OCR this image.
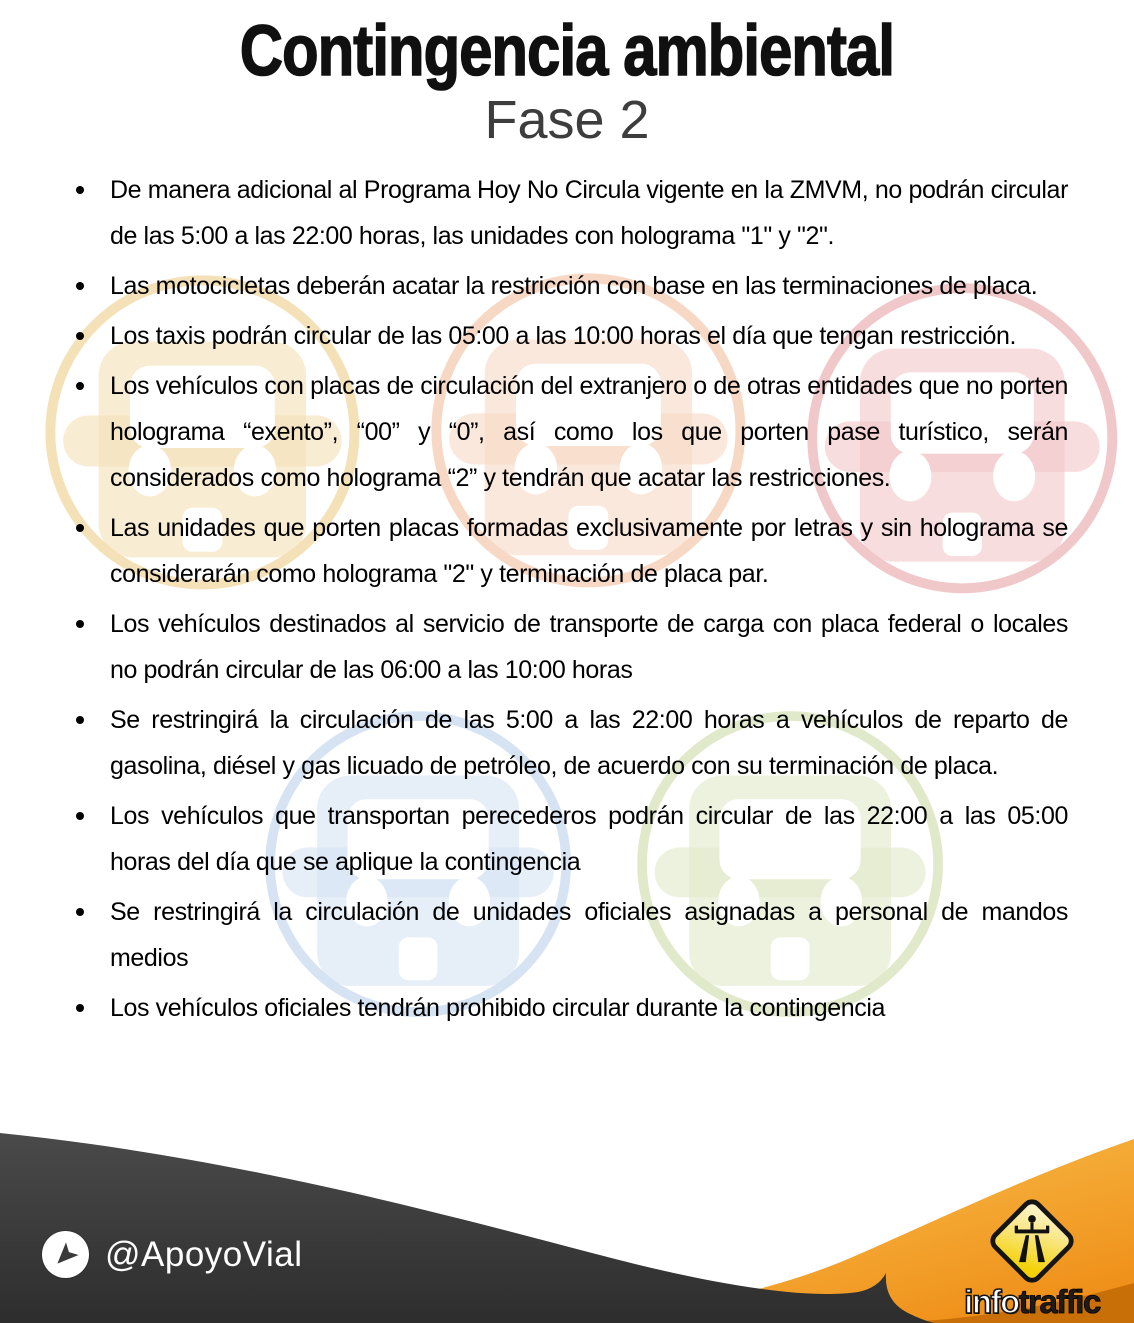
Contingencia ambiental
Fase 2
De manera adicional al Programa Hoy No Circula vigente en la ZMVM, no podrán circular de las 5:00 a las 22:00 horas, las unidades con holograma "1" y "2".
Las motocicletas deberán acatar la restricción con base en las terminaciones de placa.
Los taxis podrán circular de las 05:00 a las 10:00 horas el día que tengan restricción.
Los vehículos con placas de circulación del extranjero o de otras entidades que no porten holograma “exento”, “00” y “0”, así como los que porten pase turístico, serán considerados como holograma “2” y tendrán que acatar las restricciones.
Las unidades que porten placas formadas exclusivamente por letras y sin holograma se considerarán como holograma "2" y terminación de placa par.
Los vehículos destinados al servicio de transporte de carga con placa federal o locales no podrán circular de las 06:00 a las 10:00 horas
Se restringirá la circulación de las 5:00 a las 22:00 horas a vehículos de reparto de gasolina, diésel y gas licuado de petróleo, de acuerdo con su terminación de placa.
Los vehículos que transportan perecederos podrán circular de las 22:00 a las 05:00 horas del día que se aplique la contingencia
Se restringirá la circulación de unidades oficiales asignadas a personal de mandos medios
Los vehículos oficiales tendrán prohibido circular durante la contingencia
@ApoyoVial
infotraffic
